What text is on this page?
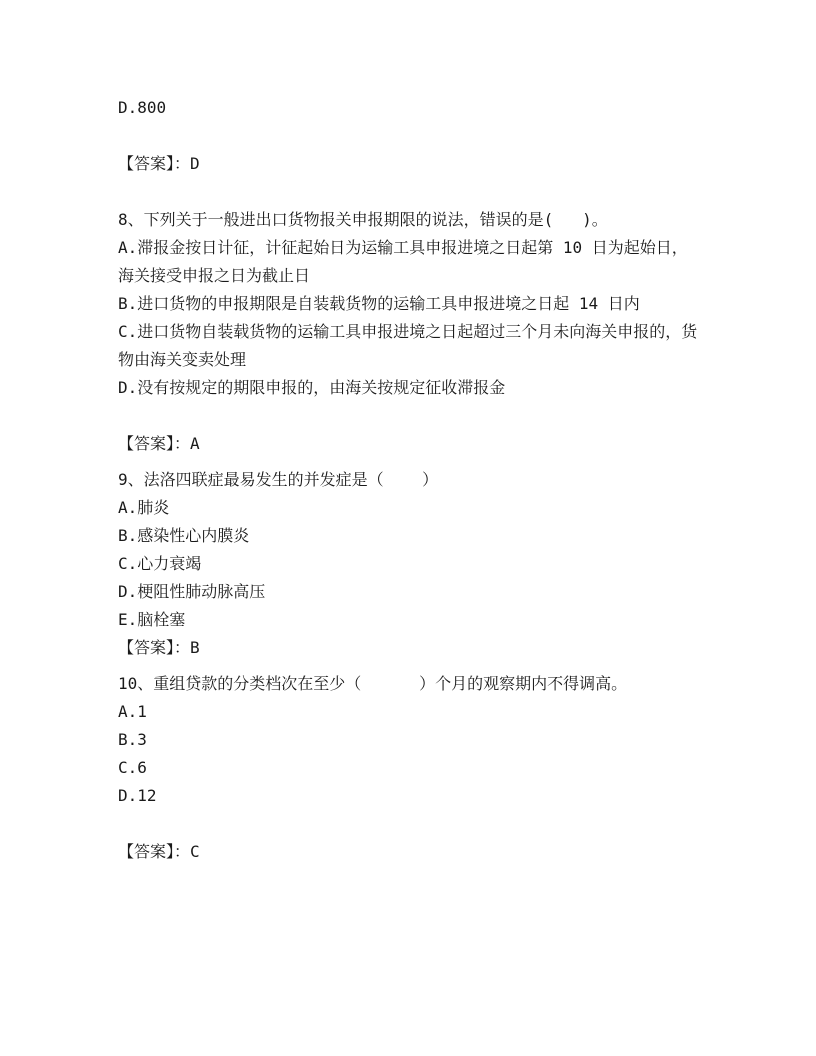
D.800

【答案】：D

8、下列关于一般进出口货物报关申报期限的说法，错误的是(   )。

A.滞报金按日计征，计征起始日为运输工具申报进境之日起第 10 日为起始日，海关接受申报之日为截止日

B.进口货物的申报期限是自装载货物的运输工具申报进境之日起 14 日内

C.进口货物自装载货物的运输工具申报进境之日起超过三个月未向海关申报的，货物由海关变卖处理

D.没有按规定的期限申报的，由海关按规定征收滞报金

【答案】：A

9、法洛四联症最易发生的并发症是（    ）

A.肺炎

B.感染性心内膜炎

C.心力衰竭

D.梗阻性肺动脉高压

E.脑栓塞

【答案】：B

10、重组贷款的分类档次在至少（      ）个月的观察期内不得调高。

A.1

B.3

C.6

D.12

【答案】：C
